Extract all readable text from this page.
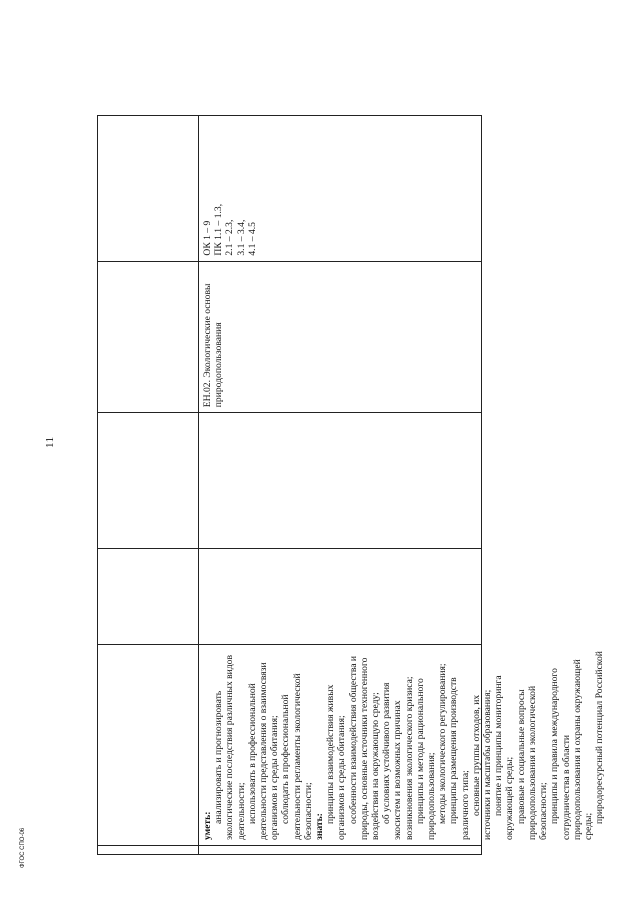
11
ФГОС СПО-06

уметь:

анализировать и прогнозировать экологические последствия различных видов деятельности; использовать в профессиональной деятельности представления о взаимосвязи организмов и среды обитания; соблюдать в профессиональной деятельности регламенты экологической безопасности; знать:

принципы взаимодействия живых организмов и среды обитания; особенности взаимодействия общества и природы, основные источники техногенного воздействия на окружающую среду; об условиях устойчивого развития экосистем и возможных причинах возникновения экологического кризиса; принципы и методы рационального природопользования; методы экологического регулирования; принципы размещения производств различного типа; основные группы отходов, их источники и масштабы образования; понятие и принципы мониторинга окружающей среды; правовые и социальные вопросы природопользования и экологической безопасности; принципы и правила международного сотрудничества в области природопользования и охраны окружающей среды;

природоресурсный потенциал Российской

ЕН.02. Экологические основы природопользования

ОК 1 – 9 ПК 1.1 – 1.3, 2.1 – 2.3, 3.1 – 3.4, 4.1 – 4.5
